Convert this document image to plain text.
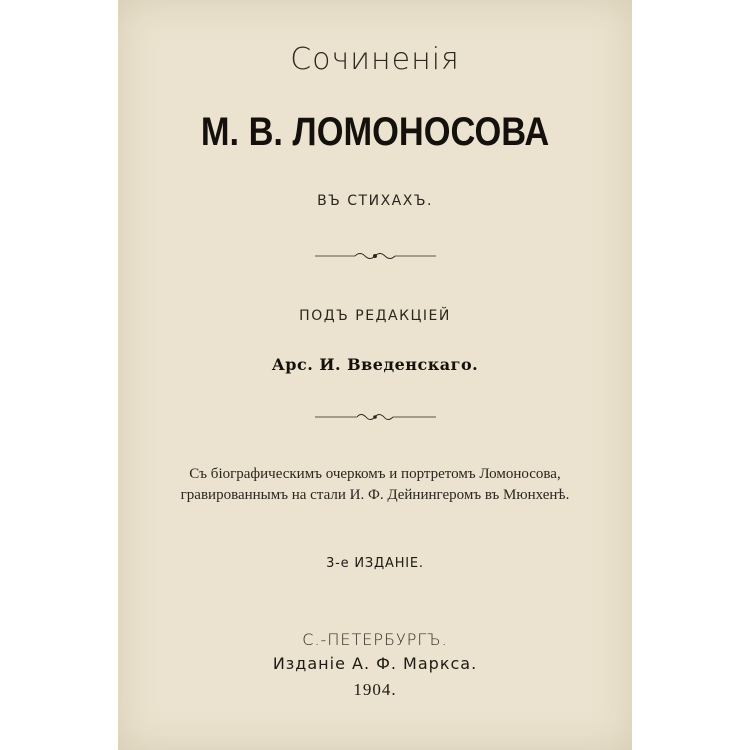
Сочиненія
М. В. ЛОМОНОСОВА
ВЪ СТИХАХЪ.
ПОДЪ РЕДАКЦІЕЙ
Арс. И. Введенскаго.
Съ біографическимъ очеркомъ и портретомъ Ломоносова,
гравированнымъ на стали И. Ф. Дейнингеромъ въ Мюнхенѣ.
3-е ИЗДАНІЕ.
С.-ПЕТЕРБУРГЪ.
Изданіе А. Ф. Маркса.
1904.
